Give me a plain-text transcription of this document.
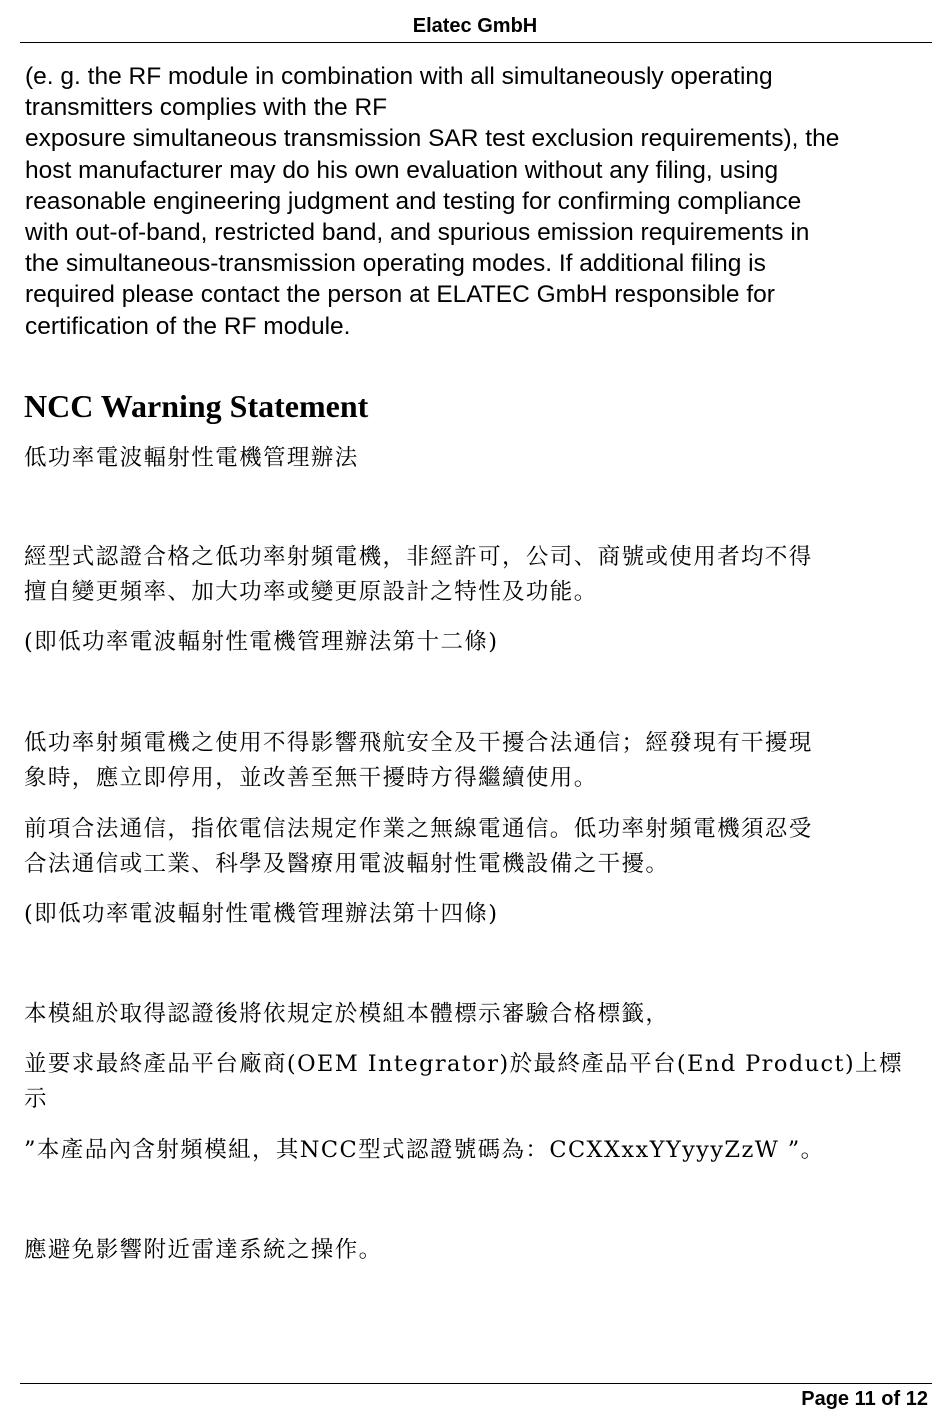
Elatec GmbH
(e. g. the RF module in combination with all simultaneously operating
transmitters complies with the RF
exposure simultaneous transmission SAR test exclusion requirements), the
host manufacturer may do his own evaluation without any filing, using
reasonable engineering judgment and testing for confirming compliance
with out-of-band, restricted band, and spurious emission requirements in
the simultaneous-transmission operating modes. If additional filing is
required please contact the person at ELATEC GmbH responsible for
certification of the RF module.
NCC Warning Statement

低功率電波輻射性電機管理辦法

經型式認證合格之低功率射頻電機，非經許可，公司、商號或使用者均不得
擅自變更頻率、加大功率或變更原設計之特性及功能。

(即低功率電波輻射性電機管理辦法第十二條)

低功率射頻電機之使用不得影響飛航安全及干擾合法通信；經發現有干擾現
象時，應立即停用，並改善至無干擾時方得繼續使用。

前項合法通信，指依電信法規定作業之無線電通信。低功率射頻電機須忍受
合法通信或工業、科學及醫療用電波輻射性電機設備之干擾。

(即低功率電波輻射性電機管理辦法第十四條)

本模組於取得認證後將依規定於模組本體標示審驗合格標籤，

並要求最終產品平台廠商(OEM Integrator)於最終產品平台(End Product)上標
示

”本產品內含射頻模組，其NCC型式認證號碼為：CCXXxxYYyyyZzW ”。

應避免影響附近雷達系統之操作。

Page 11 of 12
